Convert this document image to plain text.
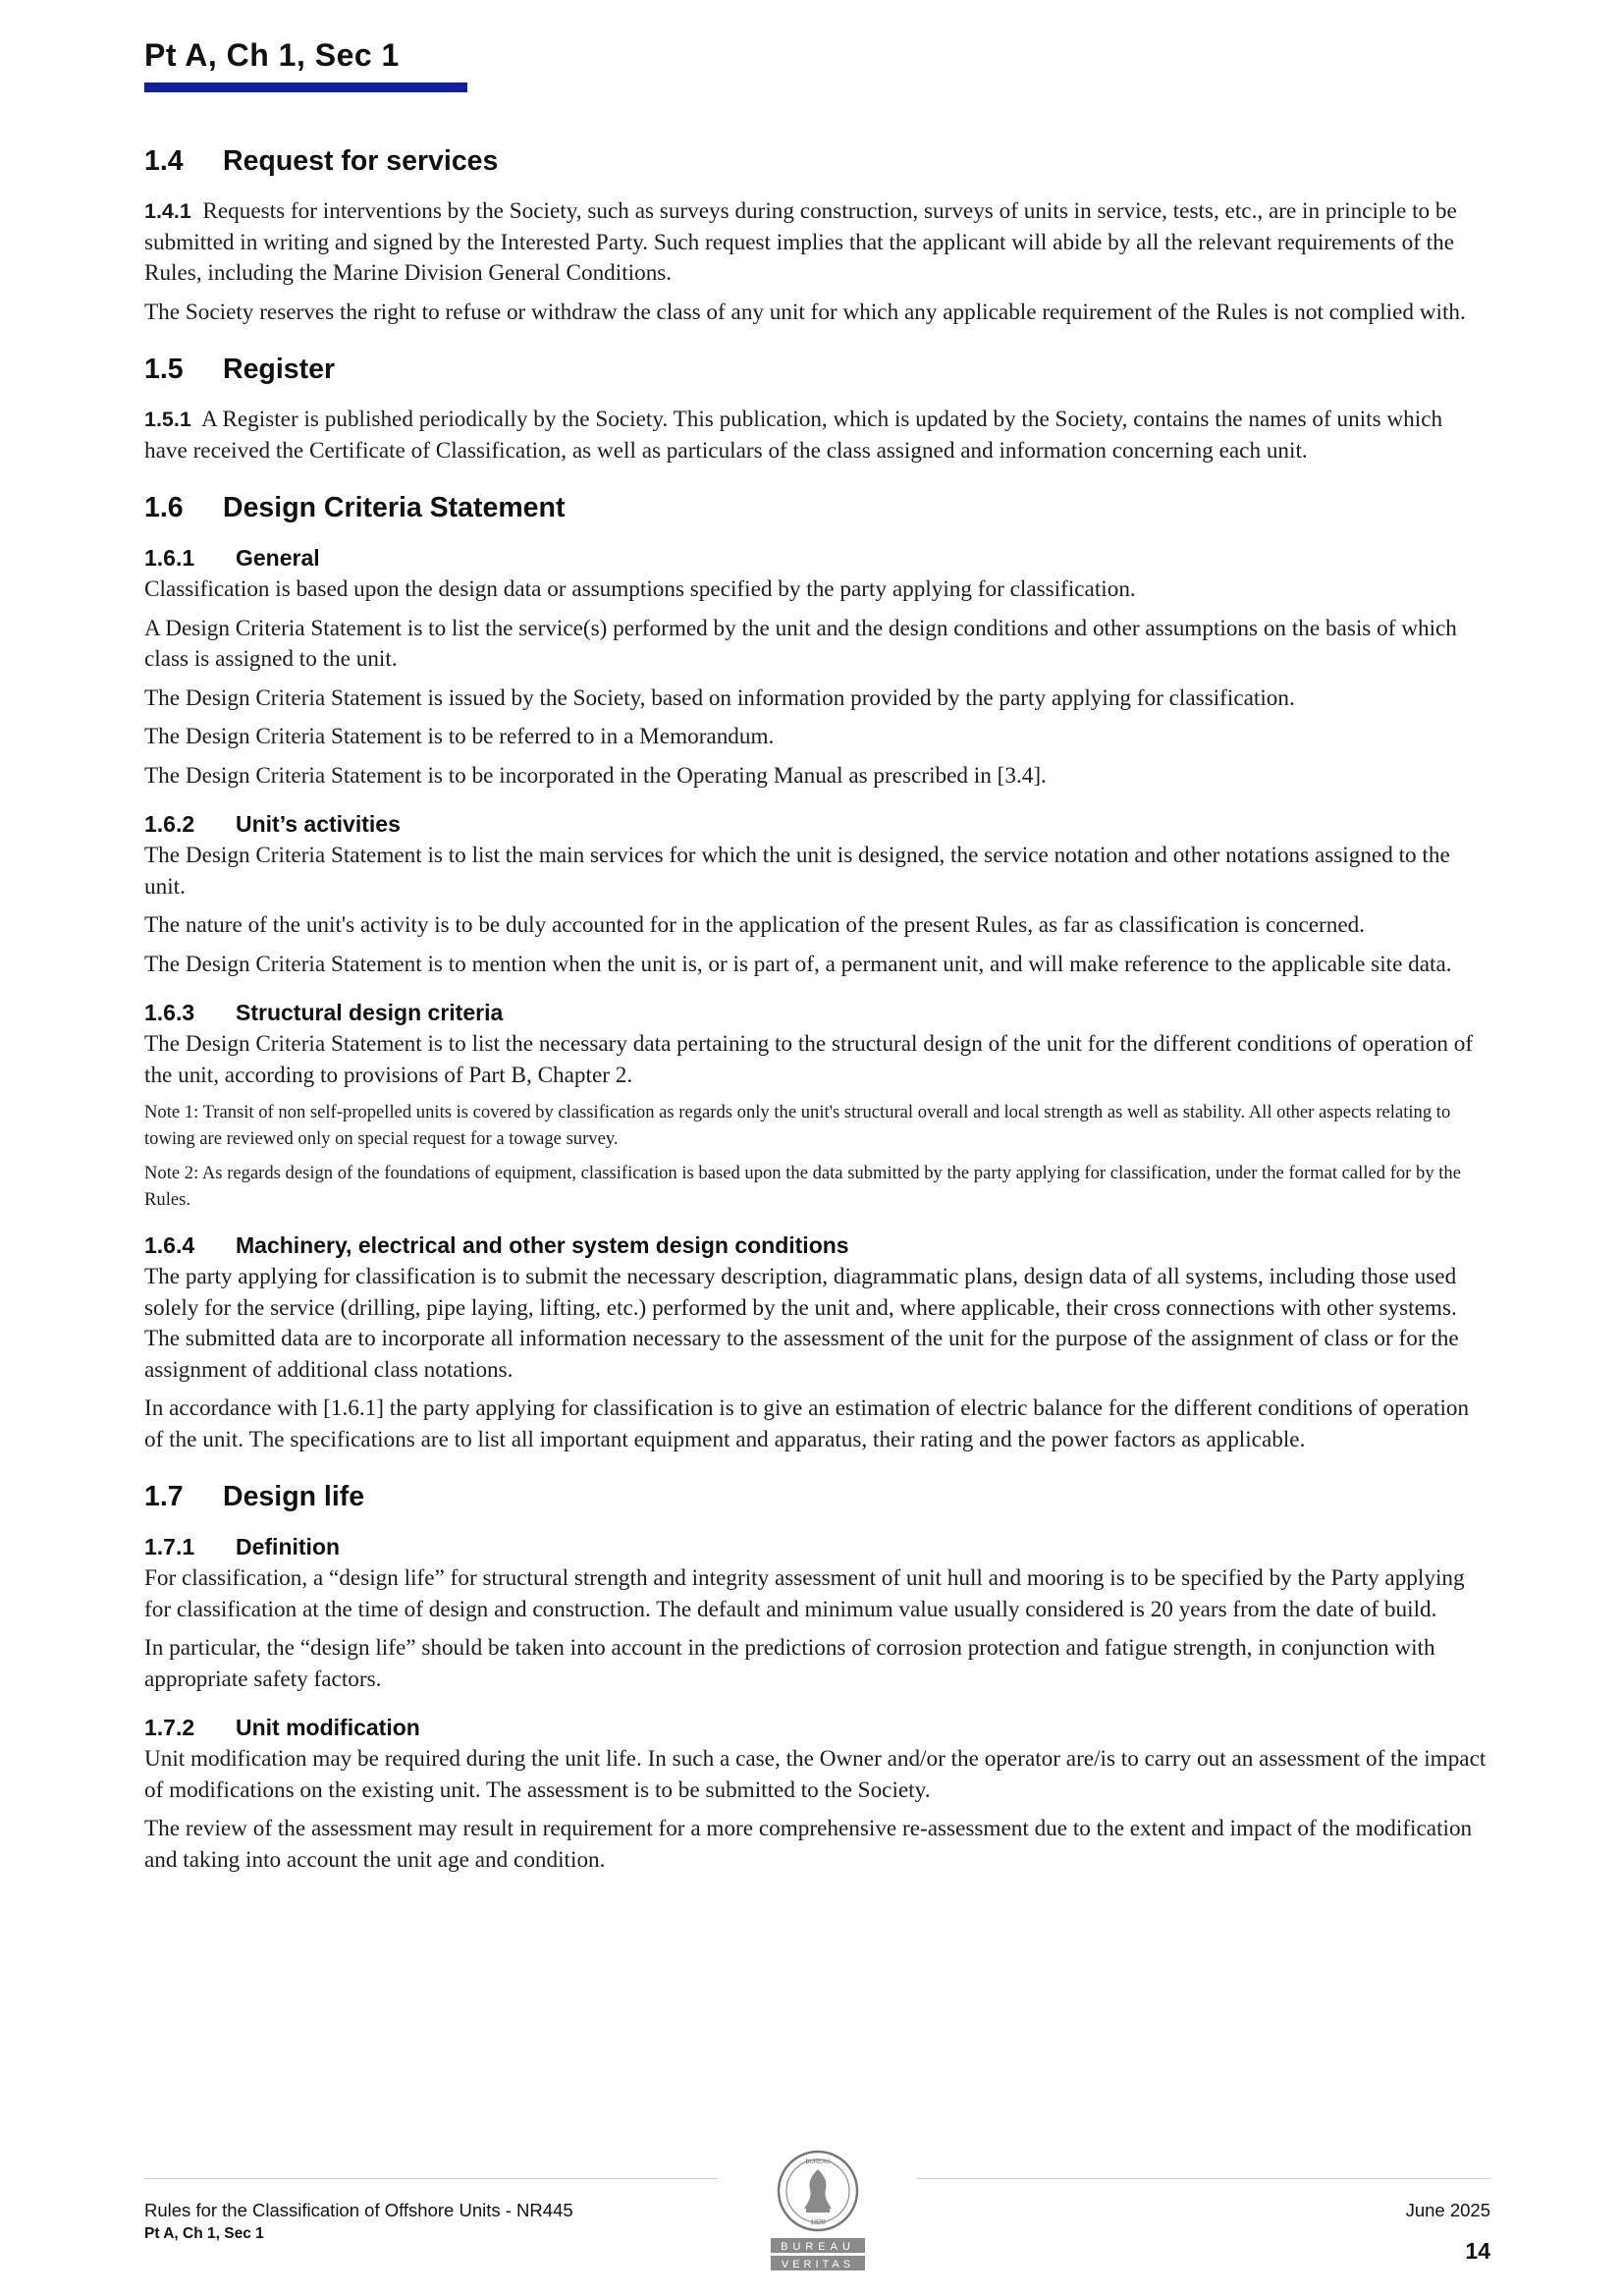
Pt A, Ch 1, Sec 1
1.4	Request for services

1.4.1 Requests for interventions by the Society, such as surveys during construction, surveys of units in service, tests, etc., are in principle to be submitted in writing and signed by the Interested Party. Such request implies that the applicant will abide by all the relevant requirements of the Rules, including the Marine Division General Conditions.

The Society reserves the right to refuse or withdraw the class of any unit for which any applicable requirement of the Rules is not complied with.

1.5	Register

1.5.1 A Register is published periodically by the Society. This publication, which is updated by the Society, contains the names of units which have received the Certificate of Classification, as well as particulars of the class assigned and information concerning each unit.

1.6	Design Criteria Statement
1.6.1	General

Classification is based upon the design data or assumptions specified by the party applying for classification.

A Design Criteria Statement is to list the service(s) performed by the unit and the design conditions and other assumptions on the basis of which class is assigned to the unit.

The Design Criteria Statement is issued by the Society, based on information provided by the party applying for classification.

The Design Criteria Statement is to be referred to in a Memorandum.

The Design Criteria Statement is to be incorporated in the Operating Manual as prescribed in [3.4].

1.6.2	Unit’s activities

The Design Criteria Statement is to list the main services for which the unit is designed, the service notation and other notations assigned to the unit.

The nature of the unit's activity is to be duly accounted for in the application of the present Rules, as far as classification is concerned.

The Design Criteria Statement is to mention when the unit is, or is part of, a permanent unit, and will make reference to the applicable site data.

1.6.3	Structural design criteria

The Design Criteria Statement is to list the necessary data pertaining to the structural design of the unit for the different conditions of operation of the unit, according to provisions of Part B, Chapter 2.

Note 1: Transit of non self-propelled units is covered by classification as regards only the unit's structural overall and local strength as well as stability. All other aspects relating to towing are reviewed only on special request for a towage survey.

Note 2: As regards design of the foundations of equipment, classification is based upon the data submitted by the party applying for classification, under the format called for by the Rules.

1.6.4	Machinery, electrical and other system design conditions

The party applying for classification is to submit the necessary description, diagrammatic plans, design data of all systems, including those used solely for the service (drilling, pipe laying, lifting, etc.) performed by the unit and, where applicable, their cross connections with other systems. The submitted data are to incorporate all information necessary to the assessment of the unit for the purpose of the assignment of class or for the assignment of additional class notations.

In accordance with [1.6.1] the party applying for classification is to give an estimation of electric balance for the different conditions of operation of the unit. The specifications are to list all important equipment and apparatus, their rating and the power factors as applicable.

1.7	Design life
1.7.1	Definition

For classification, a “design life” for structural strength and integrity assessment of unit hull and mooring is to be specified by the Party applying for classification at the time of design and construction. The default and minimum value usually considered is 20 years from the date of build.

In particular, the “design life” should be taken into account in the predictions of corrosion protection and fatigue strength, in conjunction with appropriate safety factors.

1.7.2	Unit modification

Unit modification may be required during the unit life. In such a case, the Owner and/or the operator are/is to carry out an assessment of the impact of modifications on the existing unit. The assessment is to be submitted to the Society.

The review of the assessment may result in requirement for a more comprehensive re-assessment due to the extent and impact of the modification and taking into account the unit age and condition.

Rules for the Classification of Offshore Units - NR445
Pt A, Ch 1, Sec 1
June 2025
14
BUREAU
1828
BUREAU
VERITAS
